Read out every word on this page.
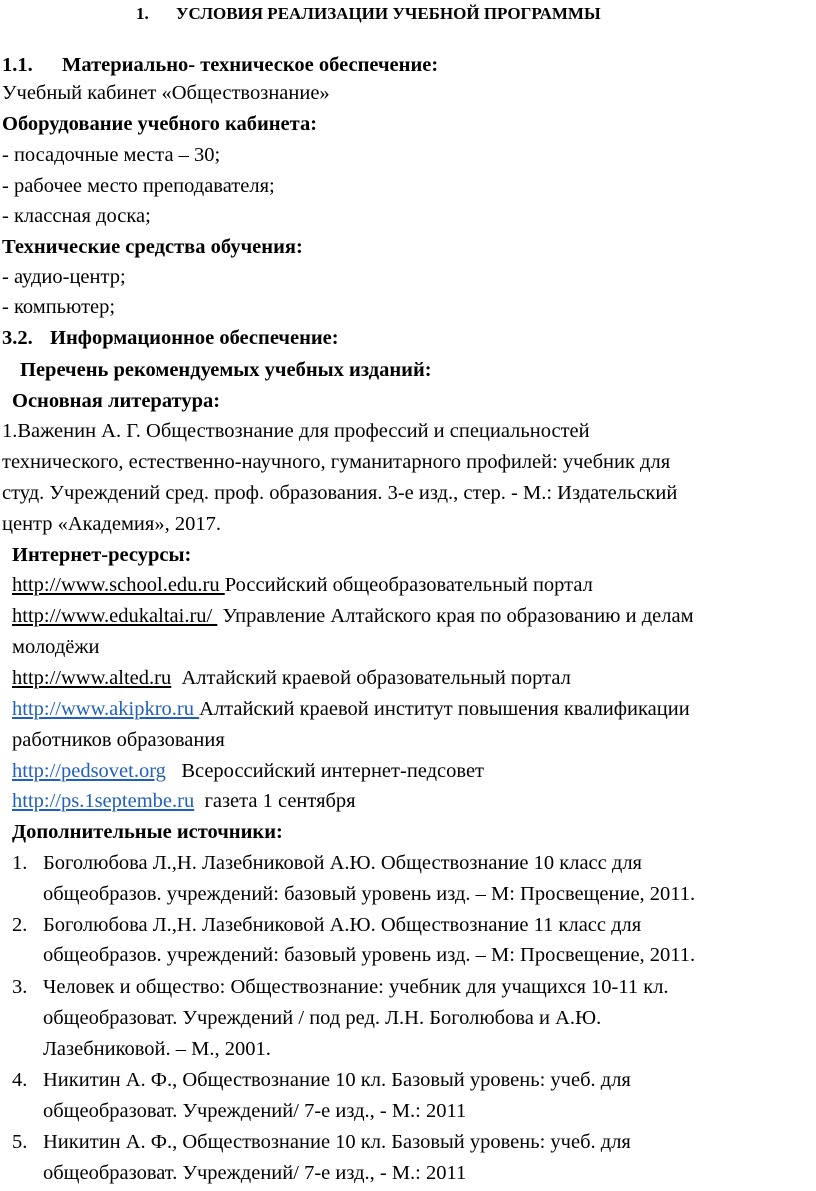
1. УСЛОВИЯ РЕАЛИЗАЦИИ УЧЕБНОЙ ПРОГРАММЫ
1.1. Материально- техническое обеспечение:
Учебный кабинет «Обществознание»
Оборудование учебного кабинета:
- посадочные места – 30;
- рабочее место преподавателя;
- классная доска;
Технические средства обучения:
- аудио-центр;
- компьютер;
3.2. Информационное обеспечение:
Перечень рекомендуемых учебных изданий:
Основная литература:
1.Важенин А. Г. Обществознание для профессий и специальностей
технического, естественно-научного, гуманитарного профилей: учебник для
студ. Учреждений сред. проф. образования. 3-е изд., стер. - М.: Издательский
центр «Академия», 2017.
Интернет-ресурсы:
http://www.school.edu.ru Российский общеобразовательный портал
http://www.edukaltai.ru/  Управление Алтайского края по образованию и делам
молодёжи
http://www.alted.ru  Алтайский краевой образовательный портал
http://www.akipkro.ru Алтайский краевой институт повышения квалификации
работников образования
http://pedsovet.org   Всероссийский интернет-педсовет
http://ps.1septembe.ru  газета 1 сентября
Дополнительные источники:
1. Боголюбова Л.,Н. Лазебниковой А.Ю. Обществознание 10 класс для
общеобразов. учреждений: базовый уровень изд. – М: Просвещение, 2011.
2. Боголюбова Л.,Н. Лазебниковой А.Ю. Обществознание 11 класс для
общеобразов. учреждений: базовый уровень изд. – М: Просвещение, 2011.
3. Человек и общество: Обществознание: учебник для учащихся 10-11 кл.
общеобразоват. Учреждений / под ред. Л.Н. Боголюбова и А.Ю.
Лазебниковой. – М., 2001.
4. Никитин А. Ф., Обществознание 10 кл. Базовый уровень: учеб. для
общеобразоват. Учреждений/ 7-е изд., - М.: 2011
5. Никитин А. Ф., Обществознание 10 кл. Базовый уровень: учеб. для
общеобразоват. Учреждений/ 7-е изд., - М.: 2011
